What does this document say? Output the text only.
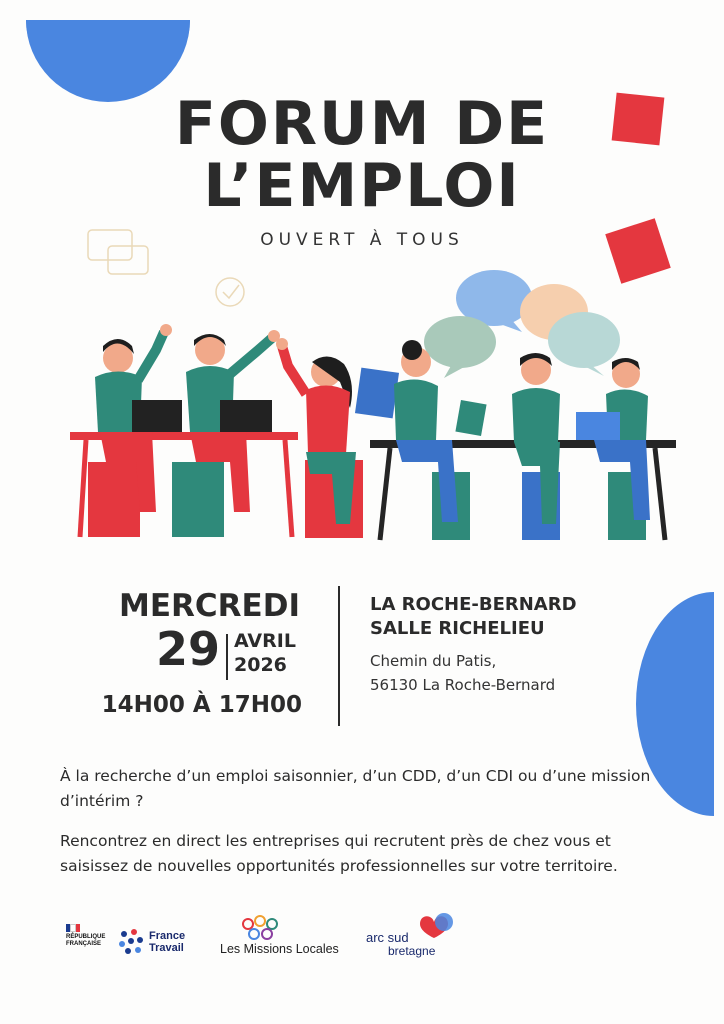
FORUM DE
L’EMPLOI
OUVERT À TOUS
MERCREDI
29 AVRIL
2026
14H00 À 17H00
LA ROCHE-BERNARD
SALLE RICHELIEU
Chemin du Patis,
56130 La Roche-Bernard
À la recherche d’un emploi saisonnier, d’un CDD, d’un CDI ou d’une mission d’intérim ?
Rencontrez en direct les entreprises qui recrutent près de chez vous et saisissez de nouvelles opportunités professionnelles sur votre territoire.
RÉPUBLIQUE
FRANÇAISE
France
Travail	Les Missions Locales
arc sud
bretagne
